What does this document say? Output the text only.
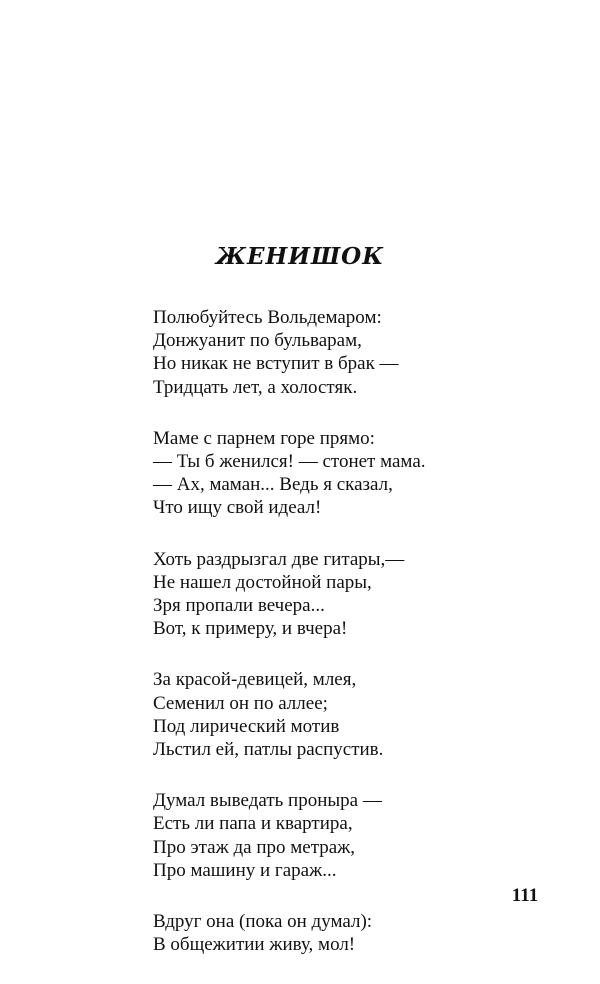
ЖЕНИШОК
Полюбуйтесь Вольдемаром:
Донжуанит по бульварам,
Но никак не вступит в брак —
Тридцать лет, а холостяк.
Маме с парнем горе прямо:
— Ты б женился! — стонет мама.
— Ах, маман... Ведь я сказал,
Что ищу свой идеал!
Хоть раздрызгал две гитары,—
Не нашел достойной пары,
Зря пропали вечера...
Вот, к примеру, и вчера!
За красой-девицей, млея,
Семенил он по аллее;
Под лирический мотив
Льстил ей, патлы распустив.
Думал выведать проныра —
Есть ли папа и квартира,
Про этаж да про метраж,
Про машину и гараж...
Вдруг она (пока он думал):
В общежитии живу, мол!
111
